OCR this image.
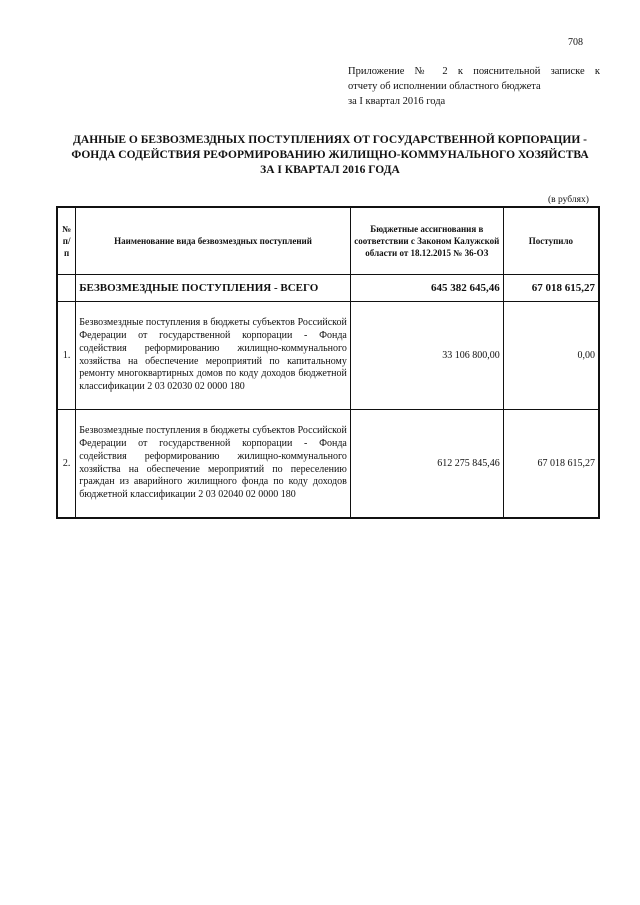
708
Приложение № 2 к пояснительной записке к
отчету об исполнении областного бюджета
за I квартал 2016 года
ДАННЫЕ О БЕЗВОЗМЕЗДНЫХ ПОСТУПЛЕНИЯХ ОТ ГОСУДАРСТВЕННОЙ КОРПОРАЦИИ -
ФОНДА СОДЕЙСТВИЯ РЕФОРМИРОВАНИЮ ЖИЛИЩНО-КОММУНАЛЬНОГО ХОЗЯЙСТВА
ЗА I КВАРТАЛ 2016 ГОДА
(в рублях)
№ п/п	Наименование вида безвозмездных поступлений	Бюджетные ассигнования в соответствии с Законом Калужской области от 18.12.2015 № 36-ОЗ	Поступило
	БЕЗВОЗМЕЗДНЫЕ ПОСТУПЛЕНИЯ - ВСЕГО	645 382 645,46	67 018 615,27
1.	Безвозмездные поступления в бюджеты субъектов Российской Федерации от государственной корпорации - Фонда содействия реформированию жилищно-коммунального хозяйства на обеспечение мероприятий по капитальному ремонту многоквартирных домов по коду доходов бюджетной классификации 2 03 02030 02 0000 180	33 106 800,00	0,00
2.	Безвозмездные поступления в бюджеты субъектов Российской Федерации от государственной корпорации - Фонда содействия реформированию жилищно-коммунального хозяйства на обеспечение мероприятий по переселению граждан из аварийного жилищного фонда по коду доходов бюджетной классификации 2 03 02040 02 0000 180	612 275 845,46	67 018 615,27
